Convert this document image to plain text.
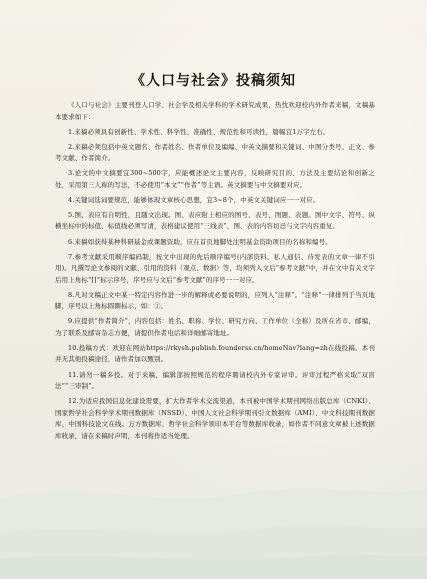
《人口与社会》投稿须知

《人口与社会》主要刊登人口学、社会学及相关学科的学术研究成果，热忱欢迎校内外作者来稿，文稿基本要求如下：

1.来稿必须具有创新性、学术性、科学性、准确性、规范性和可读性，篇幅宜1万字左右。

2.来稿必须包括中英文题名、作者姓名、作者单位及编编、中英文摘要和关键词、中图分类号、正文、参考文献、作者简介。

3.论文的中文摘要宜300~500字，应能概述论文主要内容，反映研究目的、方法及主要结论和创新之处，采用第三人称的写法，不必使用“本文”“作者”等主语。英文摘要与中文摘要对应。

4.关键词选词要规范，能够体现文章核心思想，宜3~8个，中英文关键词应一一对应。

5.图、表应有自明性，且随文出现。图、表应附上相应的图号、表号、图题、表题。图中文字、符号、纵横坐标中的标值、标值线必须写清，表格建议使用“三线表”，图、表的内容切忌与文字内容重复。

6.来稿如获得某种科研基金或课题资助，应在首页地脚处注明基金资助项目的名称和编号。

7.参考文献采用顺序编码制，按文中出现的先后顺序编号(内部资料、私人通信、待发表的文章一律不引用)。凡撰写论文参阅的文献、引用的资料（观点、数据）等，均须列入文后“参考文献”中，并在文中有关文字后用上角标“[]”标示序号，序号应与文后“参考文献”的序号一一对应。

8.凡对文稿正文中某一特定内容作进一步的解释或必要说明的，应列入“注释”。“注释”一律排列于当页地脚，序号以上角标圆圈标示，如：①。

9.应提供“作者简介”，内容包括：姓名、职称、学位、研究方向、工作单位（全称）及所在省市、邮编，为了联系及邮寄杂志方便，请提供作者电话和详细邮寄地址。

10.投稿方式：欢迎在网站https://rkysh.publish.founderss.cn/homeNav?lang=zh在线投稿。本刊并无其他投稿途径，请作者加以甄别。

11.请勿一稿多投。对于来稿，编辑部按照规范的程序聘请校内外专家评审。评审过程严格采取“双盲法”“三审制”。

12.为适应我国信息化建设需要，扩大作者学术交流渠道，本刊被中国学术期刊网络出版总库（CNKI）、国家哲学社会科学学术期刊数据库（NSSD）、中国人文社会科学期刊引文数据库（AMI）、中文科技期刊数据库、中国科技论文在线、万方数据库、哲学社会科学领印本平台等数据库收录，如作者不同意文章被上述数据库收录，请在来稿时声明，本刊将作适当处理。
